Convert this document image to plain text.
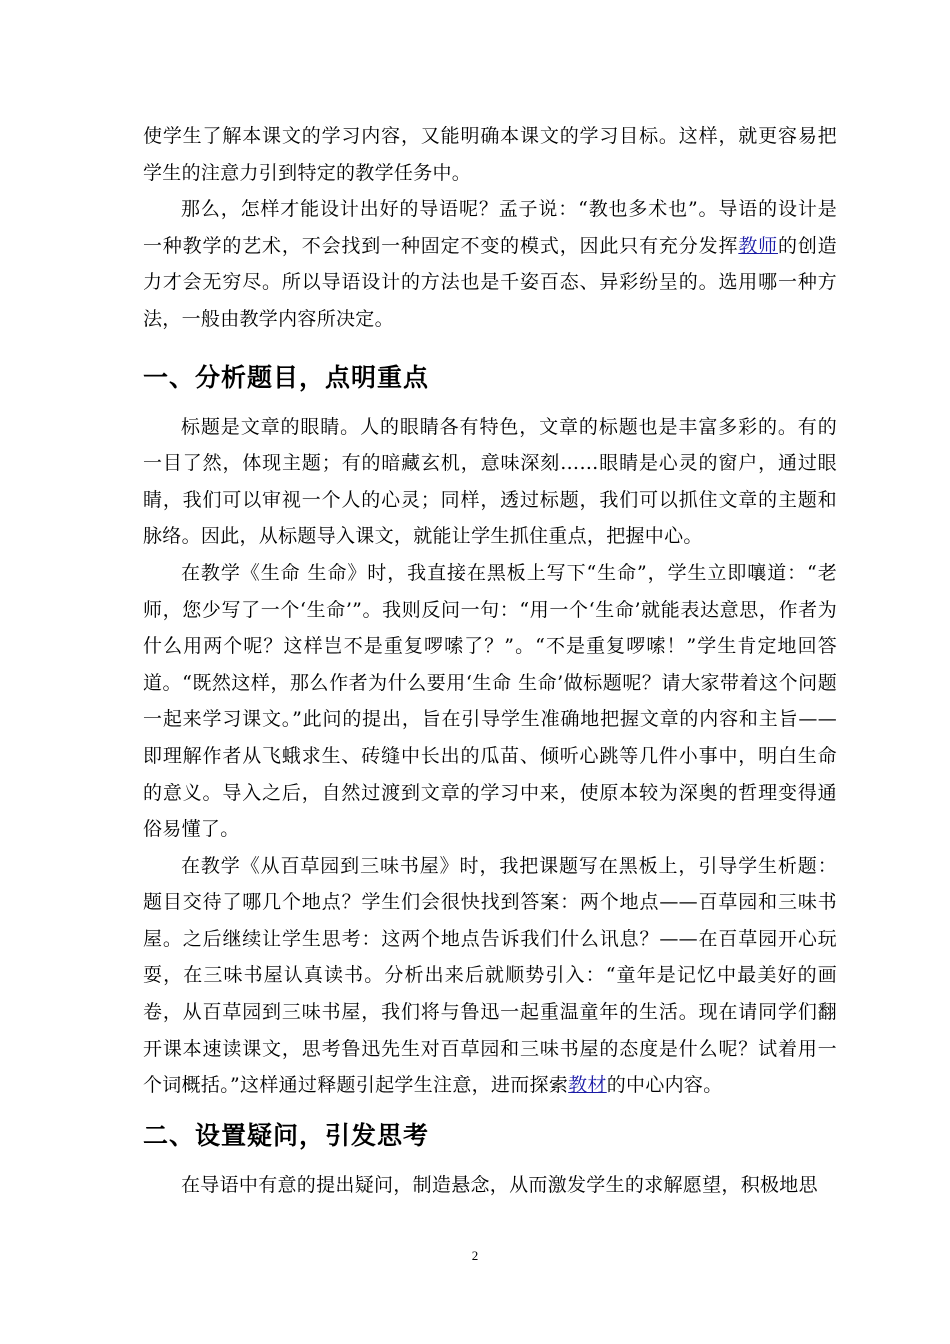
使学生了解本课文的学习内容，又能明确本课文的学习目标。这样，就更容易把学生的注意力引到特定的教学任务中。

那么，怎样才能设计出好的导语呢？孟子说：“教也多术也”。导语的设计是一种教学的艺术，不会找到一种固定不变的模式，因此只有充分发挥教师的创造力才会无穷尽。所以导语设计的方法也是千姿百态、异彩纷呈的。选用哪一种方法，一般由教学内容所决定。

一、分析题目，点明重点

标题是文章的眼睛。人的眼睛各有特色，文章的标题也是丰富多彩的。有的一目了然，体现主题；有的暗藏玄机，意味深刻……眼睛是心灵的窗户，通过眼睛，我们可以审视一个人的心灵；同样，透过标题，我们可以抓住文章的主题和脉络。因此，从标题导入课文，就能让学生抓住重点，把握中心。

在教学《生命 生命》时，我直接在黑板上写下“生命”，学生立即嚷道：“老师，您少写了一个‘生命’”。我则反问一句：“用一个‘生命’就能表达意思，作者为什么用两个呢？这样岂不是重复啰嗦了？”。“不是重复啰嗦！”学生肯定地回答道。“既然这样，那么作者为什么要用‘生命 生命’做标题呢？请大家带着这个问题一起来学习课文。”此问的提出，旨在引导学生准确地把握文章的内容和主旨——即理解作者从飞蛾求生、砖缝中长出的瓜苗、倾听心跳等几件小事中，明白生命的意义。导入之后，自然过渡到文章的学习中来，使原本较为深奥的哲理变得通俗易懂了。

在教学《从百草园到三味书屋》时，我把课题写在黑板上，引导学生析题：题目交待了哪几个地点？学生们会很快找到答案：两个地点——百草园和三味书屋。之后继续让学生思考：这两个地点告诉我们什么讯息？——在百草园开心玩耍，在三味书屋认真读书。分析出来后就顺势引入：“童年是记忆中最美好的画卷，从百草园到三味书屋，我们将与鲁迅一起重温童年的生活。现在请同学们翻开课本速读课文，思考鲁迅先生对百草园和三味书屋的态度是什么呢？试着用一个词概括。”这样通过释题引起学生注意，进而探索教材的中心内容。

二、设置疑问，引发思考

在导语中有意的提出疑问，制造悬念，从而激发学生的求解愿望，积极地思

2
